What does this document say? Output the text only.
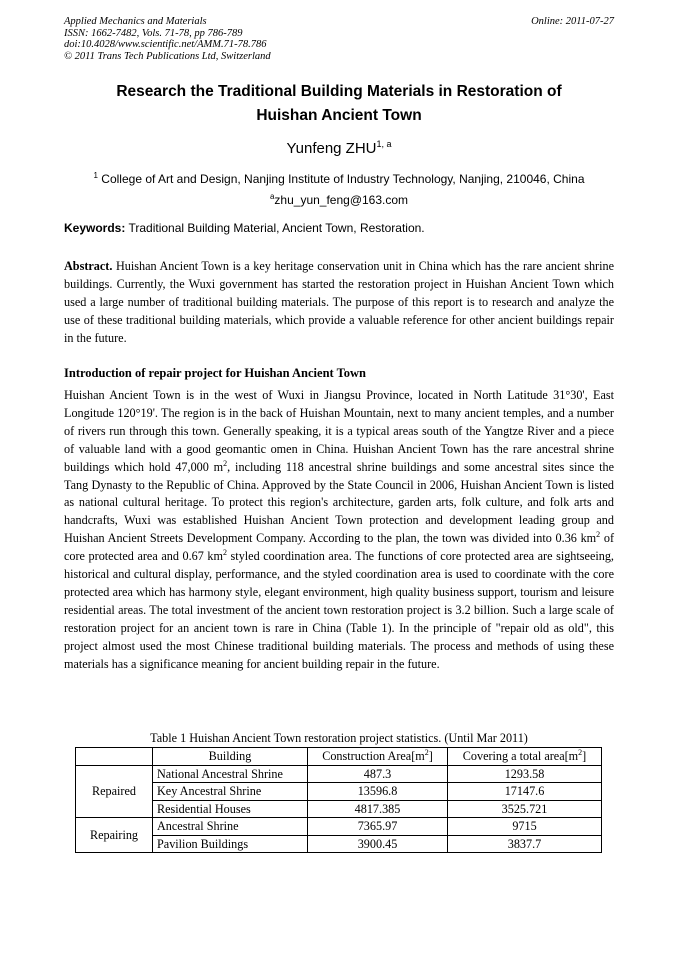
Applied Mechanics and Materials
ISSN: 1662-7482, Vols. 71-78, pp 786-789
doi:10.4028/www.scientific.net/AMM.71-78.786
© 2011 Trans Tech Publications Ltd, Switzerland
Online: 2011-07-27
Research the Traditional Building Materials in Restoration of
Huishan Ancient Town
Yunfeng ZHU$^{1, a}$
$^1$ College of Art and Design, Nanjing Institute of Industry Technology, Nanjing, 210046, China
$^a$zhu_yun_feng@163.com
Keywords: Traditional Building Material, Ancient Town, Restoration.
Abstract. Huishan Ancient Town is a key heritage conservation unit in China which has the rare ancient shrine buildings. Currently, the Wuxi government has started the restoration project in Huishan Ancient Town which used a large number of traditional building materials. The purpose of this report is to research and analyze the use of these traditional building materials, which provide a valuable reference for other ancient buildings repair in the future.
Introduction of repair project for Huishan Ancient Town
Huishan Ancient Town is in the west of Wuxi in Jiangsu Province, located in North Latitude 31°30', East Longitude 120°19'. The region is in the back of Huishan Mountain, next to many ancient temples, and a number of rivers run through this town. Generally speaking, it is a typical areas south of the Yangtze River and a piece of valuable land with a good geomantic omen in China. Huishan Ancient Town has the rare ancestral shrine buildings which hold 47,000 $m^2$, including 118 ancestral shrine buildings and some ancestral sites since the Tang Dynasty to the Republic of China. Approved by the State Council in 2006, Huishan Ancient Town is listed as national cultural heritage. To protect this region's architecture, garden arts, folk culture, and folk arts and handcrafts, Wuxi was established Huishan Ancient Town protection and development leading group and Huishan Ancient Streets Development Company. According to the plan, the town was divided into 0.36 $km^2$ of core protected area and 0.67 $km^2$ styled coordination area. The functions of core protected area are sightseeing, historical and cultural display, performance, and the styled coordination area is used to coordinate with the core protected area which has harmony style, elegant environment, high quality business support, tourism and leisure residential areas. The total investment of the ancient town restoration project is 3.2 billion. Such a large scale of restoration project for an ancient town is rare in China (Table 1). In the principle of "repair old as old", this project almost used the most Chinese traditional building materials. The process and methods of using these materials has a significance meaning for ancient building repair in the future.
Table 1 Huishan Ancient Town restoration project statistics. (Until Mar 2011)
	Building	Construction $Area[m^2]$	Covering a total $area[m^2]$
Repaired	National Ancestral Shrine	487.3	1293.58
	Key Ancestral Shrine	13596.8	17147.6
	Residential Houses	4817.385	3525.721
Repairing	Ancestral Shrine	7365.97	9715
	Pavilion Buildings	3900.45	3837.7
